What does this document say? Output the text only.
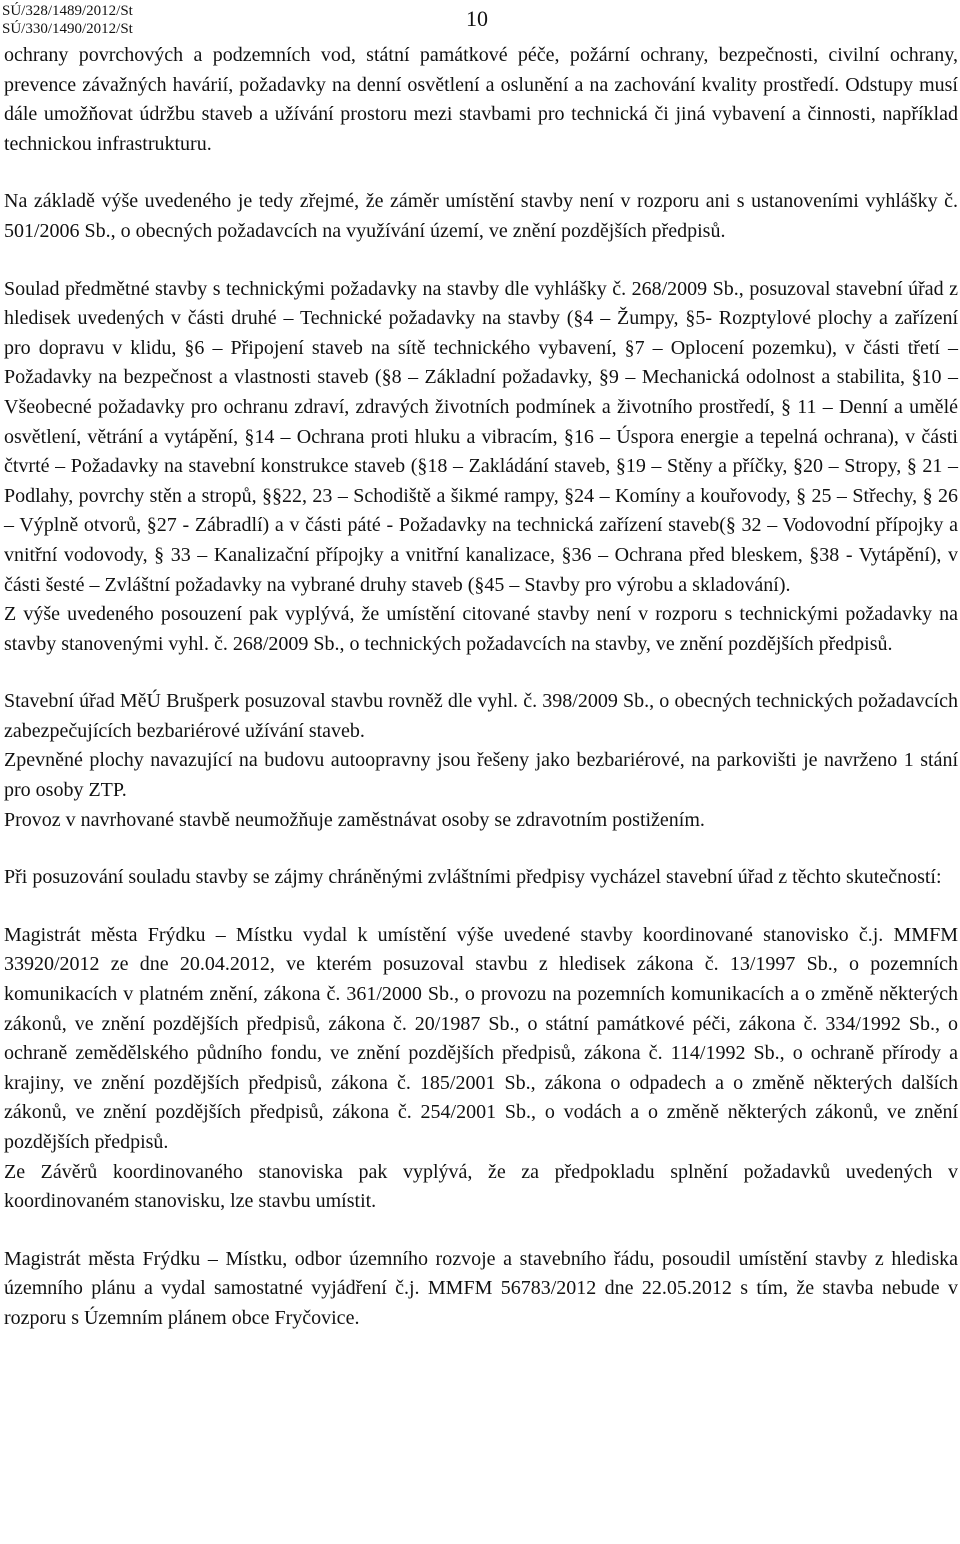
SÚ/328/1489/2012/St
SÚ/330/1490/2012/St	10

ochrany povrchových a podzemních vod, státní památkové péče, požární ochrany, bezpečnosti, civilní ochrany, prevence závažných havárií, požadavky na denní osvětlení a oslunění a na zachování kvality prostředí. Odstupy musí dále umožňovat údržbu staveb a užívání prostoru mezi stavbami pro technická či jiná vybavení a činnosti, například technickou infrastrukturu.

Na základě výše uvedeného je tedy zřejmé, že záměr umístění stavby není v rozporu ani s ustanoveními vyhlášky č. 501/2006 Sb., o obecných požadavcích na využívání území, ve znění pozdějších předpisů.

Soulad předmětné stavby s technickými požadavky na stavby dle vyhlášky č. 268/2009 Sb., posuzoval stavební úřad z hledisek uvedených v části druhé – Technické požadavky na stavby (§4 – Žumpy, §5- Rozptylové plochy a zařízení pro dopravu v klidu, §6 – Připojení staveb na sítě technického vybavení, §7 – Oplocení pozemku), v části třetí – Požadavky na bezpečnost a vlastnosti staveb (§8 – Základní požadavky, §9 – Mechanická odolnost a stabilita, §10 – Všeobecné požadavky pro ochranu zdraví, zdravých životních podmínek a životního prostředí, § 11 – Denní a umělé osvětlení, větrání a vytápění, §14 – Ochrana proti hluku a vibracím, §16 – Úspora energie a tepelná ochrana), v části čtvrté – Požadavky na stavební konstrukce staveb (§18 – Zakládání staveb, §19 – Stěny a příčky, §20 – Stropy, § 21 – Podlahy, povrchy stěn a stropů, §§22, 23 – Schodiště a šikmé rampy, §24 – Komíny a kouřovody, § 25 – Střechy, § 26 – Výplně otvorů, §27 - Zábradlí) a v části páté - Požadavky na technická zařízení staveb(§ 32 – Vodovodní přípojky a vnitřní vodovody, § 33 – Kanalizační přípojky a vnitřní kanalizace, §36 – Ochrana před bleskem, §38 - Vytápění), v části šesté – Zvláštní požadavky na vybrané druhy staveb (§45 – Stavby pro výrobu a skladování).

Z výše uvedeného posouzení pak vyplývá, že umístění citované stavby není v rozporu s technickými požadavky na stavby stanovenými vyhl. č. 268/2009 Sb., o technických požadavcích na stavby, ve znění pozdějších předpisů.

Stavební úřad MěÚ Brušperk posuzoval stavbu rovněž dle vyhl. č. 398/2009 Sb., o obecných technických požadavcích zabezpečujících bezbariérové užívání staveb.

Zpevněné plochy navazující na budovu autoopravny jsou řešeny jako bezbariérové, na parkovišti je navrženo 1 stání pro osoby ZTP.

Provoz v navrhované stavbě neumožňuje zaměstnávat osoby se zdravotním postižením.

Při posuzování souladu stavby se zájmy chráněnými zvláštními předpisy vycházel stavební úřad z těchto skutečností:

Magistrát města Frýdku – Místku vydal k umístění výše uvedené stavby koordinované stanovisko č.j. MMFM 33920/2012 ze dne 20.04.2012, ve kterém posuzoval stavbu z hledisek zákona č. 13/1997 Sb., o pozemních komunikacích v platném znění, zákona č. 361/2000 Sb., o provozu na pozemních komunikacích a o změně některých zákonů, ve znění pozdějších předpisů, zákona č. 20/1987 Sb., o státní památkové péči, zákona č. 334/1992 Sb., o ochraně zemědělského půdního fondu, ve znění pozdějších předpisů, zákona č. 114/1992 Sb., o ochraně přírody a krajiny, ve znění pozdějších předpisů, zákona č. 185/2001 Sb., zákona o odpadech a o změně některých dalších zákonů, ve znění pozdějších předpisů, zákona č. 254/2001 Sb., o vodách a o změně některých zákonů, ve znění pozdějších předpisů.

Ze Závěrů koordinovaného stanoviska pak vyplývá, že za předpokladu splnění požadavků uvedených v koordinovaném stanovisku, lze stavbu umístit.

Magistrát města Frýdku – Místku, odbor územního rozvoje a stavebního řádu, posoudil umístění stavby z hlediska územního plánu a vydal samostatné vyjádření č.j. MMFM 56783/2012 dne 22.05.2012 s tím, že stavba nebude v rozporu s Územním plánem obce Fryčovice.
